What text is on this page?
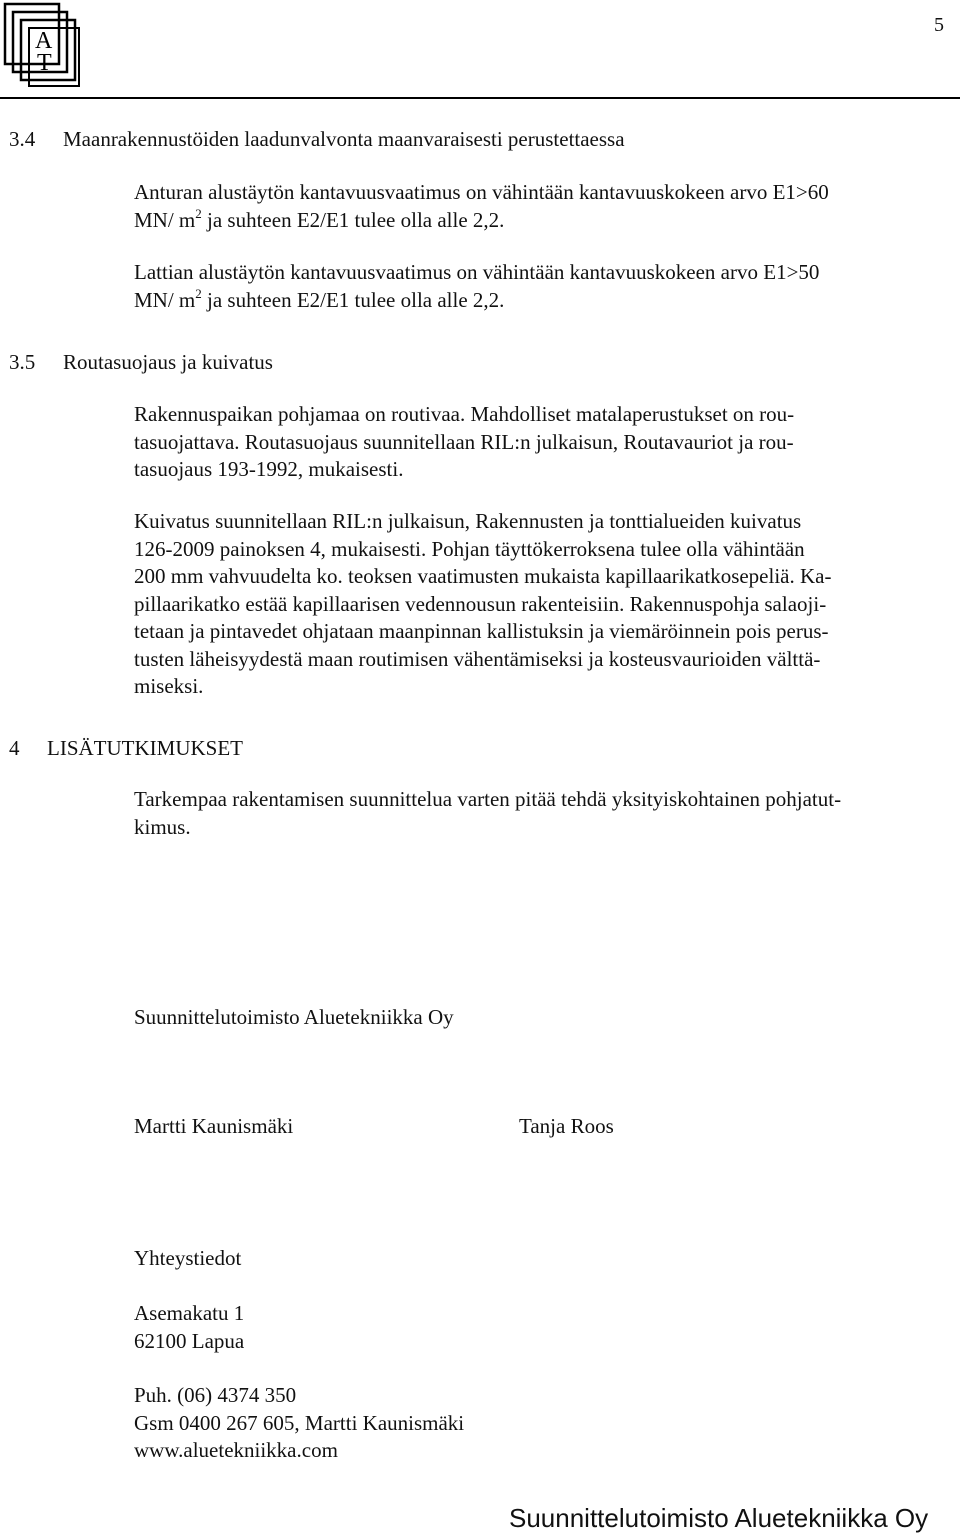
A
T
5
3.4 Maanrakennustöiden laadunvalvonta maanvaraisesti perustettaessa
Anturan alustäytön kantavuusvaatimus on vähintään kantavuuskokeen arvo E1>60
MN/ $m^2$ ja suhteen E2/E1 tulee olla alle 2,2.
Lattian alustäytön kantavuusvaatimus on vähintään kantavuuskokeen arvo E1>50
MN/ $m^2$ ja suhteen E2/E1 tulee olla alle 2,2.
3.5 Routasuojaus ja kuivatus
Rakennuspaikan pohjamaa on routivaa. Mahdolliset matalaperustukset on rou-
tasuojattava. Routasuojaus suunnitellaan RIL:n julkaisun, Routavauriot ja rou-
tasuojaus 193-1992, mukaisesti.
Kuivatus suunnitellaan RIL:n julkaisun, Rakennusten ja tonttialueiden kuivatus
126-2009 painoksen 4, mukaisesti. Pohjan täyttökerroksena tulee olla vähintään
200 mm vahvuudelta ko. teoksen vaatimusten mukaista kapillaarikatkosepeliä. Ka-
pillaarikatko estää kapillaarisen vedennousun rakenteisiin. Rakennuspohja salaoji-
tetaan ja pintavedet ohjataan maanpinnan kallistuksin ja viemäröinnein pois perus-
tusten läheisyydestä maan routimisen vähentämiseksi ja kosteusvaurioiden välttä-
miseksi.
4 LISÄTUTKIMUKSET
Tarkempaa rakentamisen suunnittelua varten pitää tehdä yksityiskohtainen pohjatut-
kimus.
Suunnittelutoimisto Aluetekniikka Oy
Martti Kaunismäki	Tanja Roos
Yhteystiedot
Asemakatu 1
62100 Lapua
Puh. (06) 4374 350
Gsm 0400 267 605, Martti Kaunismäki
www.aluetekniikka.com
Suunnittelutoimisto Aluetekniikka Oy
